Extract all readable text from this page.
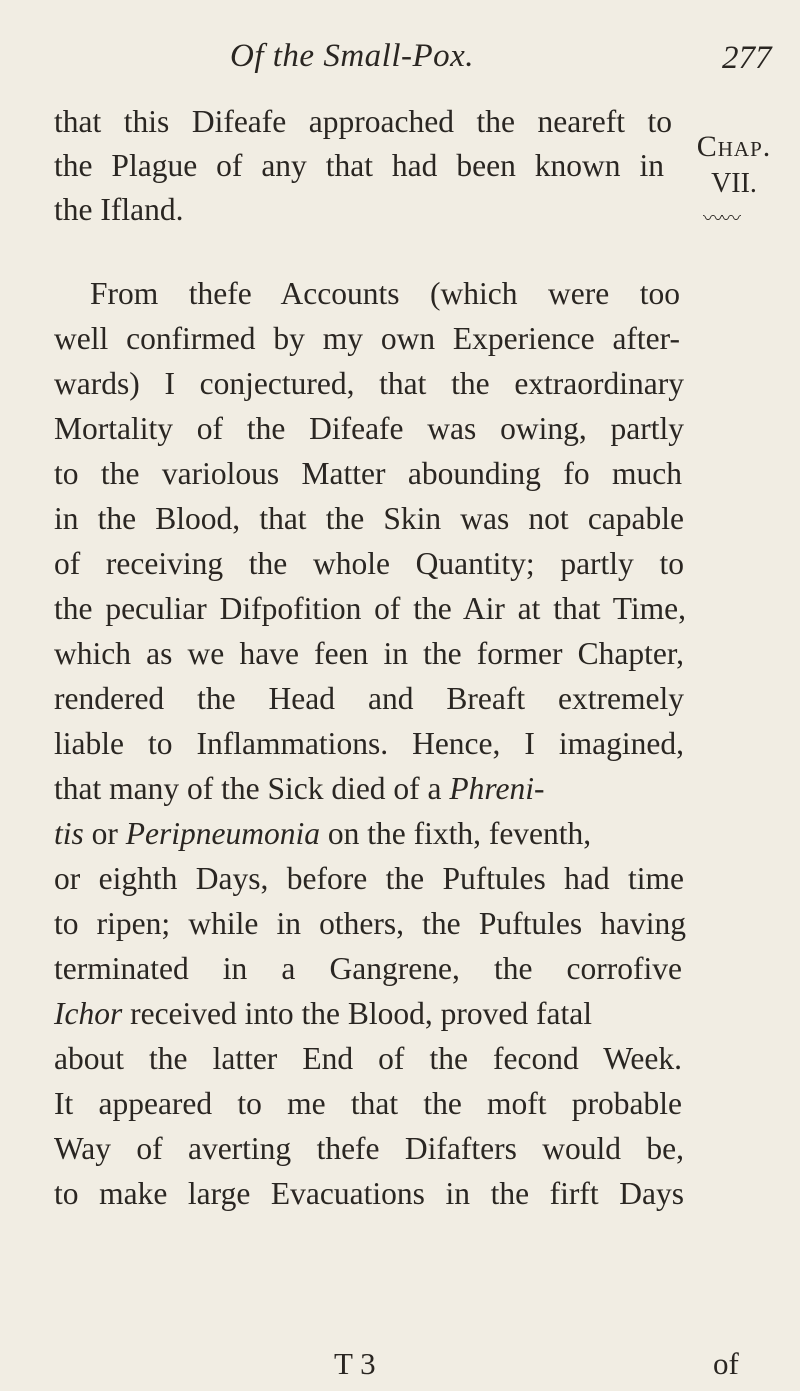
Of the Small-Pox.	277
Chap.
VII.
〰〰
that this Difeafe approached the neareft to
the Plague of any that had been known in
the Ifland.
From thefe Accounts (which were too
well confirmed by my own Experience after-
wards) I conjectured, that the extraordinary
Mortality of the Difeafe was owing, partly
to the variolous Matter abounding fo much
in the Blood, that the Skin was not capable
of receiving the whole Quantity; partly to
the peculiar Difpofition of the Air at that Time,
which as we have feen in the former Chapter,
rendered the Head and Breaft extremely
liable to Inflammations. Hence, I imagined,
that many of the Sick died of a Phreni-
tis or Peripneumonia on the fixth, feventh,
or eighth Days, before the Puftules had time
to ripen; while in others, the Puftules having
terminated in a Gangrene, the corrofive
Ichor received into the Blood, proved fatal
about the latter End of the fecond Week.
It appeared to me that the moft probable
Way of averting thefe Difafters would be,
to make large Evacuations in the firft Days
T 3	of
